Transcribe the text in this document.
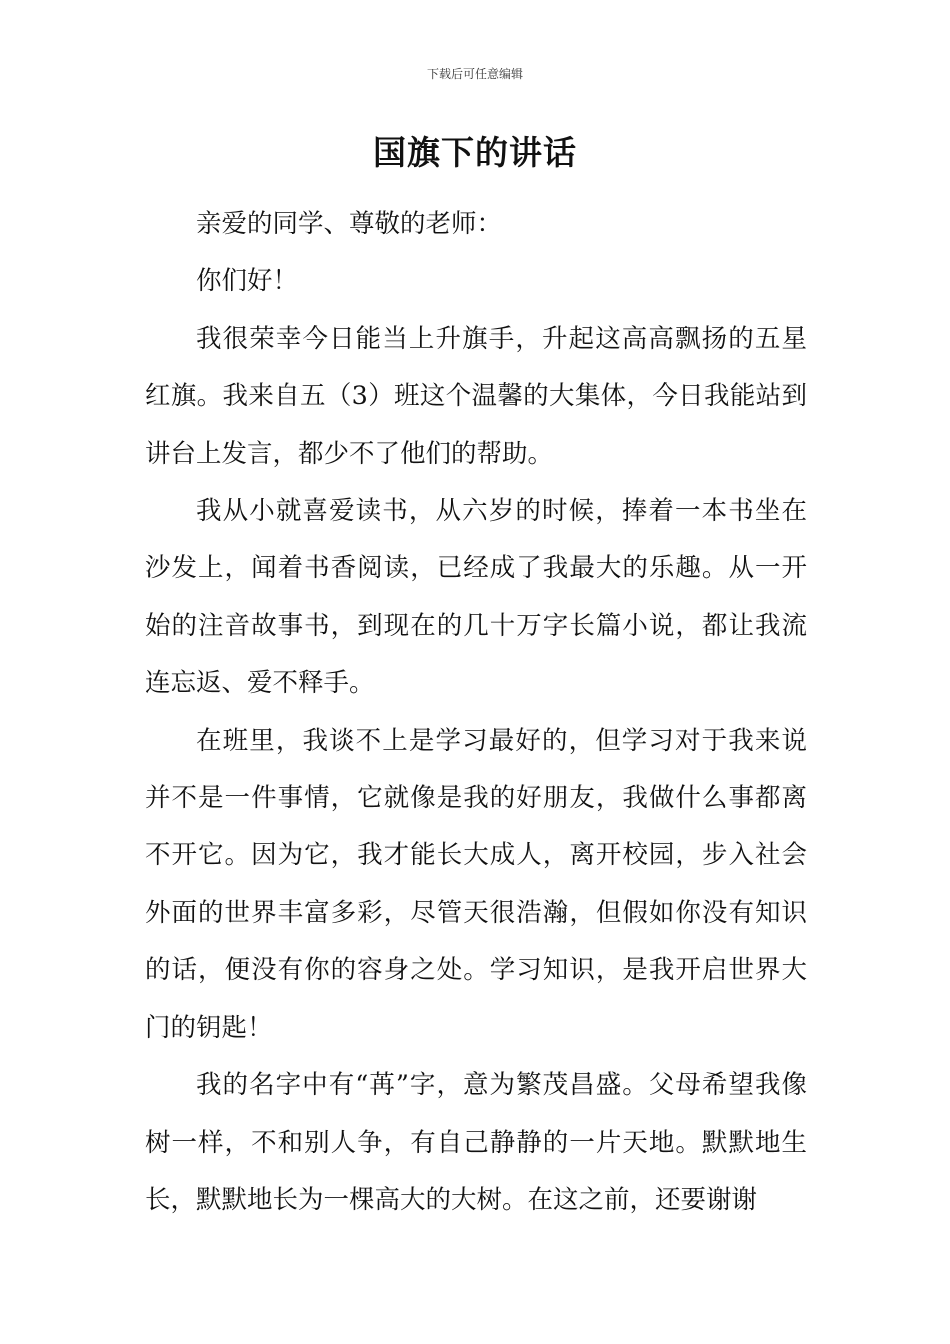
下载后可任意编辑
国旗下的讲话

亲爱的同学、尊敬的老师：

你们好！

我很荣幸今日能当上升旗手，升起这高高飘扬的五星红旗。我来自五（3）班这个温馨的大集体，今日我能站到讲台上发言，都少不了他们的帮助。

我从小就喜爱读书，从六岁的时候，捧着一本书坐在沙发上，闻着书香阅读，已经成了我最大的乐趣。从一开始的注音故事书，到现在的几十万字长篇小说，都让我流连忘返、爱不释手。

在班里，我谈不上是学习最好的，但学习对于我来说并不是一件事情，它就像是我的好朋友，我做什么事都离不开它。因为它，我才能长大成人，离开校园，步入社会外面的世界丰富多彩，尽管天很浩瀚，但假如你没有知识的话，便没有你的容身之处。学习知识，是我开启世界大门的钥匙！

我的名字中有“苒”字，意为繁茂昌盛。父母希望我像树一样，不和别人争，有自己静静的一片天地。默默地生长，默默地长为一棵高大的大树。在这之前，还要谢谢
